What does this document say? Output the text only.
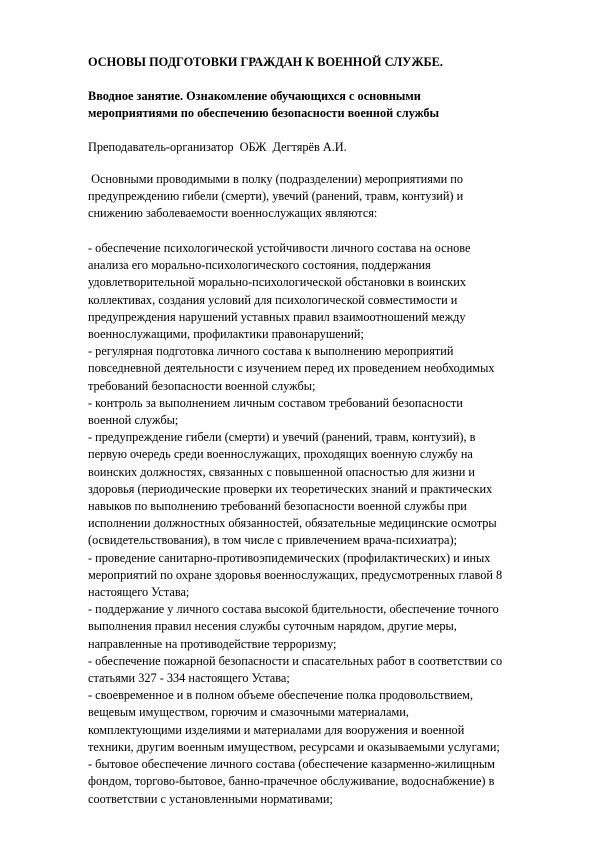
ОСНОВЫ ПОДГОТОВКИ ГРАЖДАН К ВОЕННОЙ СЛУЖБЕ.

Вводное занятие. Ознакомление обучающихся с основными
мероприятиями по обеспечению безопасности военной службы

Преподаватель-организатор  ОБЖ  Дегтярёв А.И.

Основными проводимыми в полку (подразделении) мероприятиями по
предупреждению гибели (смерти), увечий (ранений, травм, контузий) и
снижению заболеваемости военнослужащих являются:

- обеспечение психологической устойчивости личного состава на основе
анализа его морально-психологического состояния, поддержания
удовлетворительной морально-психологической обстановки в воинских
коллективах, создания условий для психологической совместимости и
предупреждения нарушений уставных правил взаимоотношений между
военнослужащими, профилактики правонарушений;
- регулярная подготовка личного состава к выполнению мероприятий
повседневной деятельности с изучением перед их проведением необходимых
требований безопасности военной службы;
- контроль за выполнением личным составом требований безопасности
военной службы;
- предупреждение гибели (смерти) и увечий (ранений, травм, контузий), в
первую очередь среди военнослужащих, проходящих военную службу на
воинских должностях, связанных с повышенной опасностью для жизни и
здоровья (периодические проверки их теоретических знаний и практических
навыков по выполнению требований безопасности военной службы при
исполнении должностных обязанностей, обязательные медицинские осмотры
(освидетельствования), в том числе с привлечением врача-психиатра);
- проведение санитарно-противоэпидемических (профилактических) и иных
мероприятий по охране здоровья военнослужащих, предусмотренных главой 8
настоящего Устава;
- поддержание у личного состава высокой бдительности, обеспечение точного
выполнения правил несения службы суточным нарядом, другие меры,
направленные на противодействие терроризму;
- обеспечение пожарной безопасности и спасательных работ в соответствии со
статьями 327 - 334 настоящего Устава;
- своевременное и в полном объеме обеспечение полка продовольствием,
вещевым имуществом, горючим и смазочными материалами,
комплектующими изделиями и материалами для вооружения и военной
техники, другим военным имуществом, ресурсами и оказываемыми услугами;
- бытовое обеспечение личного состава (обеспечение казарменно-жилищным
фондом, торгово-бытовое, банно-прачечное обслуживание, водоснабжение) в
соответствии с установленными нормативами;
